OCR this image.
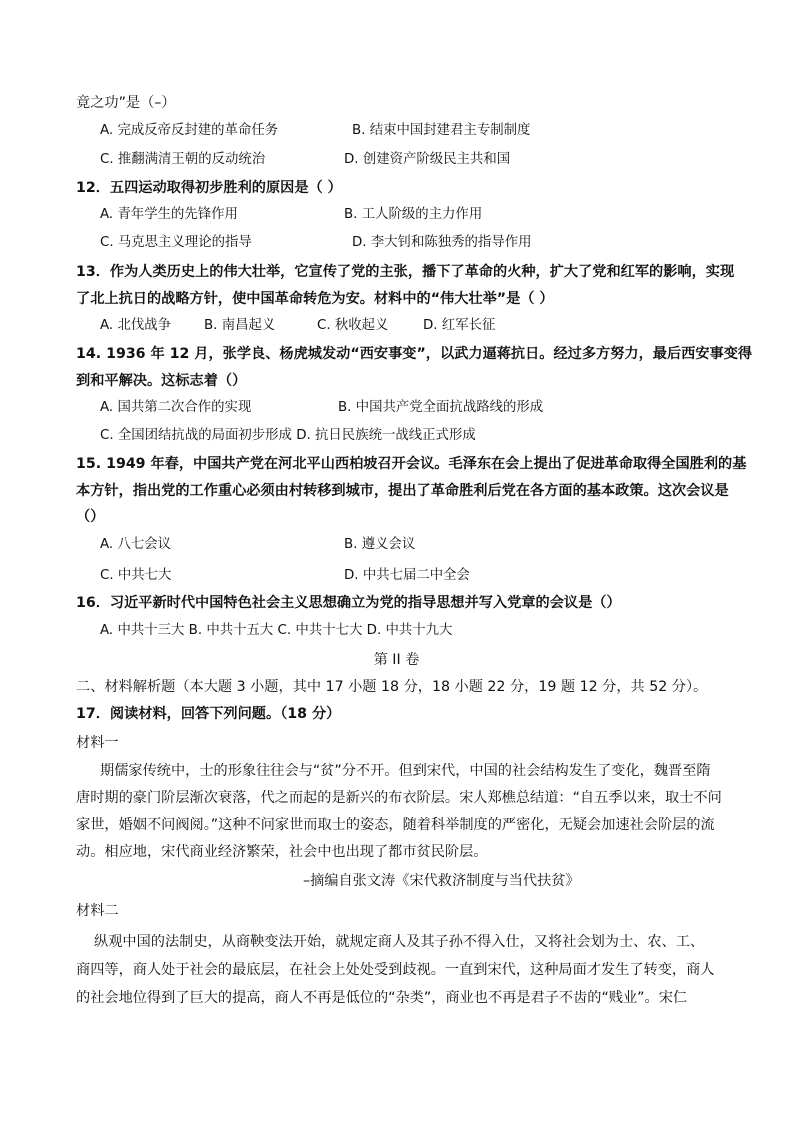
竟之功”是（–）
A. 完成反帝反封建的革命任务	B. 结束中国封建君主专制制度
C. 推翻满清王朝的反动统治	D. 创建资产阶级民主共和国
12．五四运动取得初步胜利的原因是（ ）
A. 青年学生的先锋作用	B. 工人阶级的主力作用
C. 马克思主义理论的指导	D. 李大钊和陈独秀的指导作用
13．作为人类历史上的伟大壮举，它宣传了党的主张，播下了革命的火种，扩大了党和红军的影响，实现
了北上抗日的战略方针，使中国革命转危为安。材料中的“伟大壮举”是（ ）
A. 北伐战争 B. 南昌起义	C. 秋收起义	D. 红军长征
14. 1936 年 12 月，张学良、杨虎城发动“西安事变”，以武力逼蒋抗日。经过多方努力，最后西安事变得
到和平解决。这标志着（）
A. 国共第二次合作的实现	B. 中国共产党全面抗战路线的形成
C. 全国团结抗战的局面初步形成 D. 抗日民族统一战线正式形成
15. 1949 年春，中国共产党在河北平山西柏坡召开会议。毛泽东在会上提出了促进革命取得全国胜利的基
本方针，指出党的工作重心必须由村转移到城市，提出了革命胜利后党在各方面的基本政策。这次会议是
（）
A. 八七会议	B. 遵义会议
C. 中共七大	D. 中共七届二中全会
16．习近平新时代中国特色社会主义思想确立为党的指导思想并写入党章的会议是（）
A. 中共十三大 B. 中共十五大 C. 中共十七大 D. 中共十九大
第 II 卷
二、材料解析题（本大题 3 小题，其中 17 小题 18 分，18 小题 22 分，19 题 12 分，共 52 分）。
17．阅读材料，回答下列问题。（18 分）
材料一
期儒家传统中，士的形象往往会与“贫”分不开。但到宋代，中国的社会结构发生了变化，魏晋至隋
唐时期的豪门阶层渐次衰落，代之而起的是新兴的布衣阶层。宋人郑樵总结道：“自五季以来，取士不问
家世，婚姻不问阀阅。”这种不问家世而取士的姿态，随着科举制度的严密化，无疑会加速社会阶层的流
动。相应地，宋代商业经济繁荣，社会中也出现了都市贫民阶层。
–摘编自张文涛《宋代救济制度与当代扶贫》
材料二
纵观中国的法制史，从商鞅变法开始，就规定商人及其子孙不得入仕，又将社会划为士、农、工、
商四等，商人处于社会的最底层，在社会上处处受到歧视。一直到宋代，这种局面才发生了转变，商人
的社会地位得到了巨大的提高，商人不再是低位的“杂类”，商业也不再是君子不齿的“贱业”。宋仁
